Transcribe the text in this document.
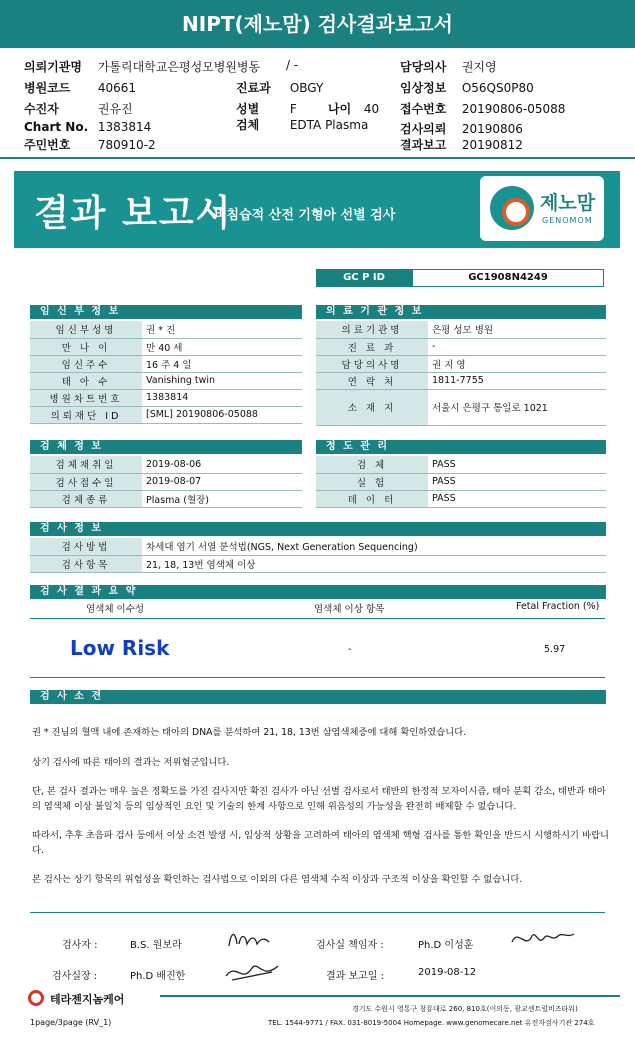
NIPT(제노맘) 검사결과보고서
의뢰기관명 가톨릭대학교은평성모병원병동 / -	담당의사 권지영
병원코드 40661	진료과 OBGY	임상정보 O56QS0P80
수진자	권유진	성별	F	나이 40 접수번호 20190806-05088
Chart No. 1383814	검체	EDTA Plasma	검사의뢰 20190806
주민번호 780910-2	결과보고 20190812
결과 보고서
비침습적 산전 기형아 선별 검사
제노맘
GENOMOM
GC P ID	GC1908N4249
임 신 부 정 보
임신부성명	권 * 진
만 나 이	만 40 세
임신주수	16 주 4 일
태 아 수	Vanishing twin
병원차트번호	1383814
의뢰재단 ID	[SML] 20190806-05088
의 료 기 관 정 보
의료기관명	은평 성모 병원
진 료 과	-
담당의사명	권 지 영
연 락 처	1811-7755
소 재 지	서울시 은평구 통일로 1021
검 체 정 보
검체채취일	2019-08-06
검사접수일	2019-08-07
검체종류	Plasma (혈장)
정 도 관 리
검 체	PASS
실 험	PASS
데 이 터	PASS
검 사 정 보
검사방법	차세대 염기 서열 분석법(NGS, Next Generation Sequencing)
검사항목	21, 18, 13번 염색체 이상
검 사 결 과 요 약
염색체 이수성	염색체 이상 항목	Fetal Fraction (%)
Low Risk	-	5.97
검 사 소 견
권 * 진님의 혈액 내에 존재하는 태아의 DNA를 분석하여 21, 18, 13번 삼염색체증에 대해 확인하였습니다.
상기 검사에 따른 태아의 결과는 저위험군입니다.
단, 본 검사 결과는 매우 높은 정확도를 가진 검사지만 확진 검사가 아닌 선별 검사로서 태반의 한정적 모자이시즘, 태아 분획 감소, 태반과 태아의 염색체 이상 불일치 등의 임상적인 요인 및 기술의 한계 사항으로 인해 위음성의 가능성을 완전히 배제할 수 없습니다.
따라서, 추후 초음파 검사 등에서 이상 소견 발생 시, 임상적 상황을 고려하여 태아의 염색체 핵형 검사를 통한 확인을 반드시 시행하시기 바랍니다.
본 검사는 상기 항목의 위험성을 확인하는 검사법으로 이외의 다른 염색체 수적 이상과 구조적 이상을 확인할 수 없습니다.
검사자 :	B.S. 원보라	검사실 책임자 :	Ph.D 이성훈
검사실장 :	Ph.D 배진한	결과 보고일 :	2019-08-12
테라젠지놈케어
경기도 수원시 영통구 창룡대로 260, 810호(이의동, 광교센트럴비즈타워)
TEL. 1544-9771 / FAX. 031-8019-5004 Homepage. www.genomecare.net 유전자검사기관 274호
1page/3page (RV_1)
